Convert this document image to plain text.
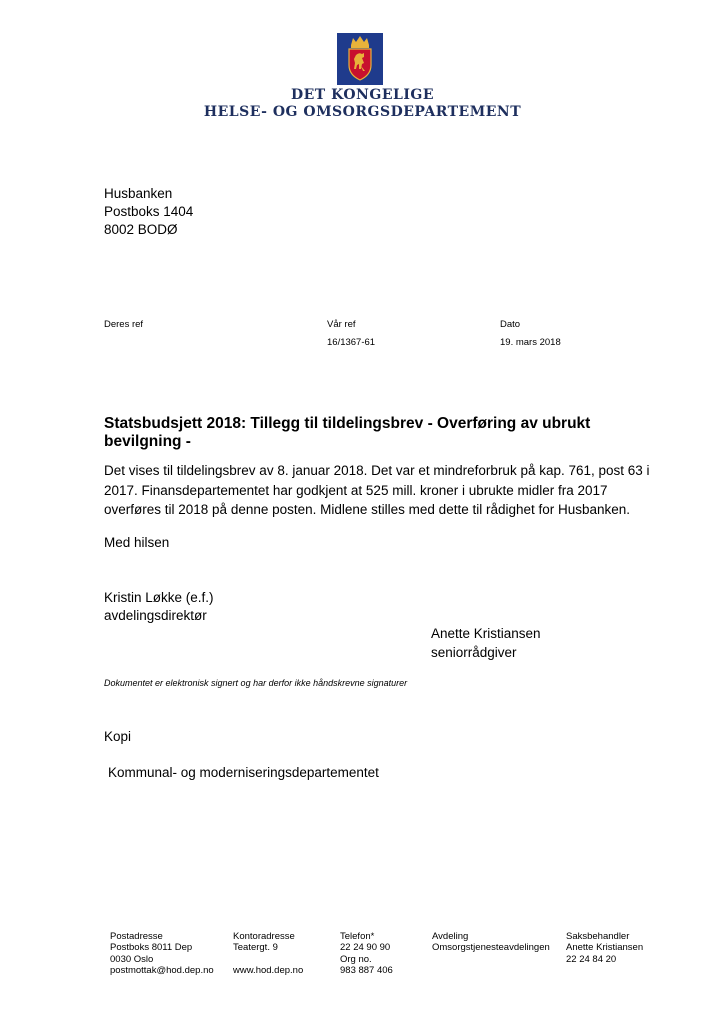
DET KONGELIGE
HELSE- OG OMSORGSDEPARTEMENT
Husbanken
Postboks 1404
8002 BODØ
Deres ref	Vår ref
16/1367-61
Dato
19. mars 2018
Statsbudsjett 2018: Tillegg til tildelingsbrev - Overføring av ubrukt
bevilgning -
Det vises til tildelingsbrev av 8. januar 2018. Det var et mindreforbruk på kap. 761, post 63 i
2017. Finansdepartementet har godkjent at 525 mill. kroner i ubrukte midler fra 2017
overføres til 2018 på denne posten. Midlene stilles med dette til rådighet for Husbanken.
Med hilsen
Kristin Løkke (e.f.)
avdelingsdirektør
Anette Kristiansen
seniorrådgiver
Dokumentet er elektronisk signert og har derfor ikke håndskrevne signaturer
Kopi
Kommunal- og moderniseringsdepartementet
Postadresse
Postboks 8011 Dep
0030 Oslo
postmottak@hod.dep.no
Kontoradresse
Teatergt. 9
www.hod.dep.no
Telefon*
22 24 90 90
Org no.
983 887 406
Avdeling
Omsorgstjenesteavdelingen
Saksbehandler
Anette Kristiansen
22 24 84 20
